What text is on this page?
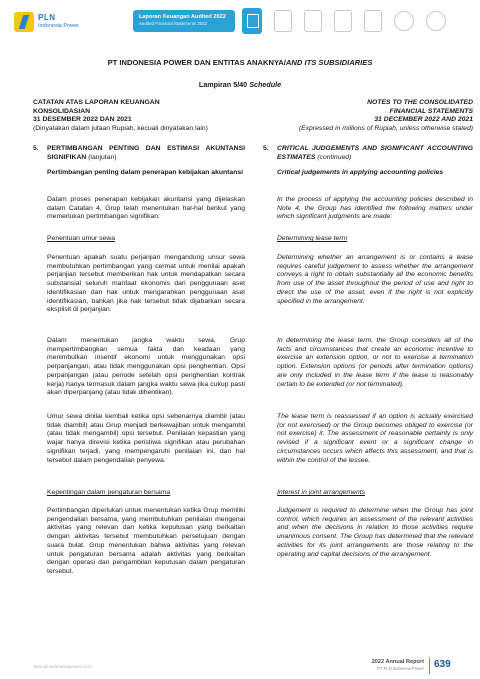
PLN
Indonesia Power
Laporan Keuangan Audited 2022
Audited Financial Statements 2022
PT INDONESIA POWER DAN ENTITAS ANAKNYA/AND ITS SUBSIDIARIES
Lampiran 5/40 Schedule
CATATAN ATAS LAPORAN KEUANGAN
KONSOLIDASIAN
31 DESEMBER 2022 DAN 2021
(Dinyatakan dalam jutaan Rupiah, kecuali dinyatakan lain)
5.	PERTIMBANGAN PENTING DAN ESTIMASI AKUNTANSI SIGNIFIKAN (lanjutan)
Pertimbangan penting dalam penerapan kebijakan akuntansi
Dalam proses penerapan kebijakan akuntansi yang dijelaskan dalam Catatan 4, Grup telah menentukan hal-hal berikut yang memerlukan pertimbangan signifikan:
Penentuan umur sewa
Penentuan apakah suatu perjanjian mengandung unsur sewa membutuhkan pertimbangan yang cermat untuk menilai apakah perjanjian tersebut memberikan hak untuk mendapatkan secara substansial seluruh manfaat ekonomis dari penggunaan aset identifikasian dan hak untuk mengarahkan penggunaan aset identifikasian, bahkan jika hak tersebut tidak dijabarkan secara eksplisit di perjanjian.
Dalam menentukan jangka waktu sewa, Grup mempertimbangkan semua fakta dan keadaan yang menimbulkan insentif ekonomi untuk menggunakan opsi perpanjangan, atau tidak menggunakan opsi penghentian. Opsi perpanjangan (atau periode setelah opsi penghentian kontrak kerja) hanya termasuk dalam jangka waktu sewa jika cukup pasti akan diperpanjang (atau tidak dihentikan).
Umur sewa dinilai kembali ketika opsi sebenarnya diambil (atau tidak diambil) atau Grup menjadi berkewajiban untuk mengambil (atau tidak mengambil) opsi tersebut. Penilaian kepastian yang wajar hanya direvisi ketika peristiwa signifikan atau perubahan signifikan terjadi, yang mempengaruhi penilaian ini, dan hal tersebut dalam pengendalian penyewa.
Kepentingan dalam pengaturan bersama
Pertimbangan diperlukan untuk menentukan ketika Grup memiliki pengendalian bersama, yang membutuhkan penilaian mengenai aktivitas yang relevan dan ketika keputusan yang berkaitan dengan aktivitas tersebut membutuhkan persetujuan dengan suara bulat. Grup menentukan bahwa aktivitas yang relevan untuk pengaturan bersama adalah aktivitas yang berkaitan dengan operasi dan pengambilan keputusan dalam pengaturan tersebut.
NOTES TO THE CONSOLIDATED
FINANCIAL STATEMENTS
31 DECEMBER 2022 AND 2021
(Expressed in millions of Rupiah, unless otherwise stated)
5.	CRITICAL JUDGEMENTS AND SIGNIFICANT ACCOUNTING ESTIMATES (continued)
Critical judgements in applying accounting policies
In the process of applying the accounting policies described in Note 4, the Group has identified the following matters under which significant judgments are made:
Determining lease term
Determining whether an arrangement is or contains a lease requires careful judgement to assess whether the arrangement conveys a right to obtain substantially all the economic benefits from use of the asset throughout the period of use and right to direct the use of the asset, even if the right is not explicitly specified in the arrangement.
In determining the lease term, the Group considers all of the facts and circumstances that create an economic incentive to exercise an extension option, or not to exercise a termination option. Extension options (or periods after termination options) are only included in the lease term if the lease is reasonably certain to be extended (or not terminated).
The lease term is reassessed if an option is actually exercised (or not exercised) or the Group becomes obliged to exercise (or not exercise) it. The assessment of reasonable certainty is only revised if a significant event or a significant change in circumstances occurs which affects this assessment, and that is within the control of the lessee.
Interest in joint arrangements
Judgement is required to determine when the Group has joint control, which requires an assessment of the relevant activities and when the decisions in relation to those activities require unanimous consent. The Group has determined that the relevant activities for its joint arrangements are those relating to the operating and capital decisions of the arrangement.
www.plnindonesiapower.co.id
2022 Annual Report
PT PLN Indonesia Power 639
